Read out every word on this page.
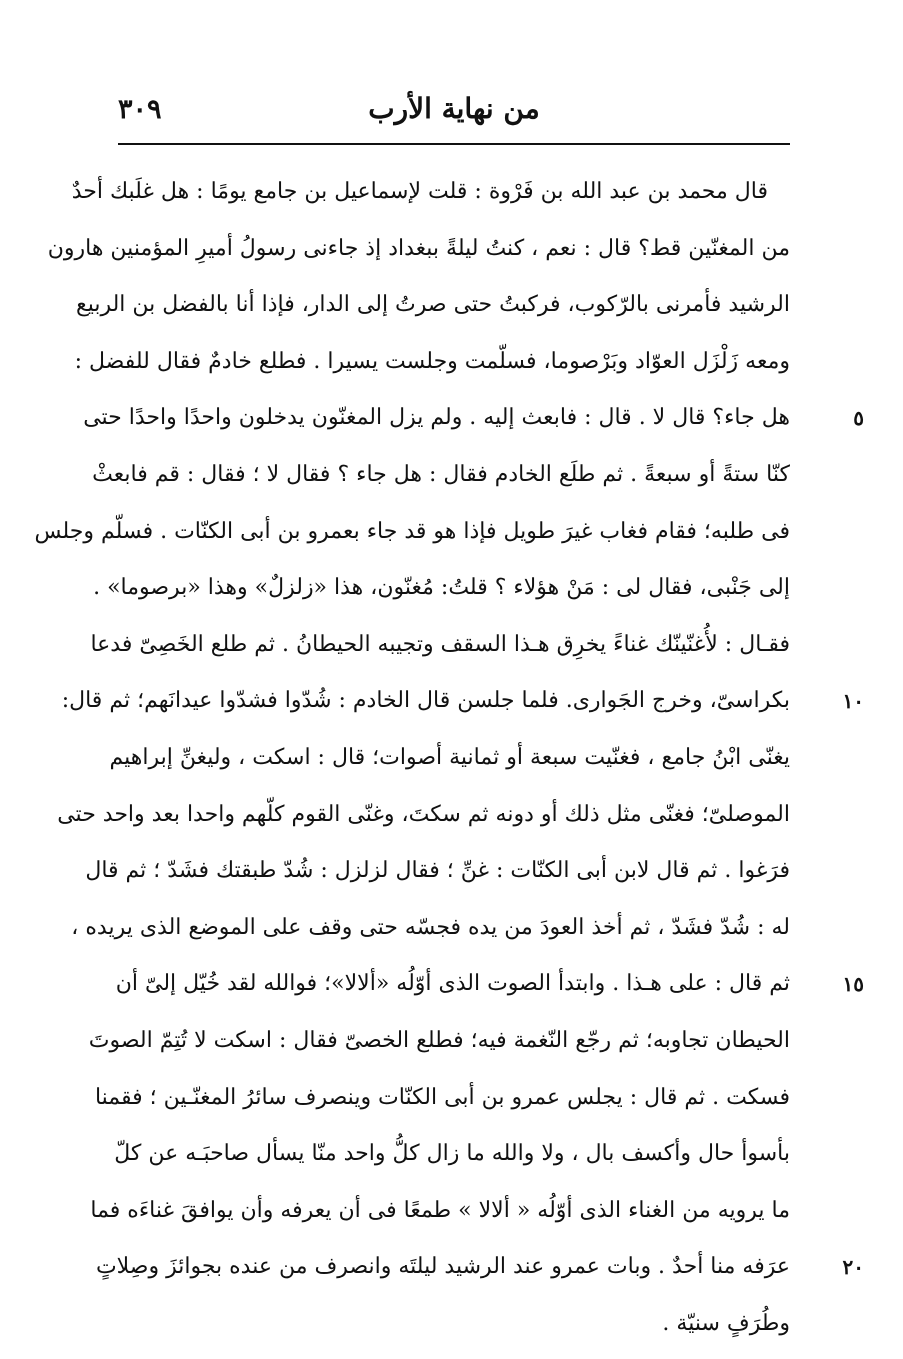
٣٠٩	من نهاية الأرب
قال محمد بن عبد الله بن فَرْوة : قلت لإسماعيل بن جامع يومًا : هل غلَبك أحدٌ
من المغنّين قط؟ قال : نعم ، كنتُ ليلةً ببغداد إذ جاءنى رسولُ أميرِ المؤمنين هارون
الرشيد فأمرنى بالرّكوب، فركبتُ حتى صرتُ إلى الدار، فإذا أنا بالفضل بن الربيع
ومعه زَلْزَل العوّاد وبَرْصوما، فسلّمت وجلست يسيرا . فطلع خادمٌ فقال للفضل :
هل جاء؟ قال لا . قال : فابعث إليه . ولم يزل المغنّون يدخلون واحدًا واحدًا حتى
كنّا ستةً أو سبعةً . ثم طلَع الخادم فقال : هل جاء ؟ فقال لا ؛ فقال : قم فابعثْ
فى طلبه؛ فقام فغاب غيرَ طويل فإذا هو قد جاء بعمرو بن أبى الكنّات . فسلّم وجلس
إلى جَنْبى، فقال لى : مَنْ هؤلاء ؟ قلتُ: مُغنّون، هذا «زلزلٌ» وهذا «برصوما» .
فقـال : لأُغنّينّك غناءً يخرِق هـذا السقف وتجيبه الحيطانُ . ثم طلع الخَصِىّ فدعا
بكراسىّ، وخرج الجَوارى. فلما جلسن قال الخادم : شُدّوا فشدّوا عيدانَهم؛ ثم قال:
يغنّى ابْنُ جامع ، فغنّيت سبعة أو ثمانية أصوات؛ قال : اسكت ، وليغنِّ إبراهيم
الموصلىّ؛ فغنّى مثل ذلك أو دونه ثم سكتَ، وغنّى القوم كلّهم واحدا بعد واحد حتى
فرَغوا . ثم قال لابن أبى الكنّات : غنِّ ؛ فقال لزلزل : شُدّ طبقتك فشَدّ ؛ ثم قال
له : شُدّ فشَدّ ، ثم أخذ العودَ من يده فجسّه حتى وقف على الموضع الذى يريده ،
ثم قال : على هـذا . وابتدأ الصوت الذى أوّلُه «ألالا»؛ فوالله لقد خُيّل إلىّ أن
الحيطان تجاوبه؛ ثم رجّع النّغمة فيه؛ فطلع الخصىّ فقال : اسكت لا تُتِمّ الصوتَ
فسكت . ثم قال : يجلس عمرو بن أبى الكنّات وينصرف سائرُ المغنّـين ؛ فقمنا
بأسوأ حال وأكسف بال ، ولا والله ما زال كلُّ واحد منّا يسأل صاحبَـه عن كلّ
ما يرويه من الغناء الذى أوّلُه « ألالا » طمعًا فى أن يعرفه وأن يوافقَ غناءَه فما
عرَفه منا أحدٌ . وبات عمرو عند الرشيد ليلتَه وانصرف من عنده بجوائزَ وصِلاتٍ
وطُرَفٍ سنيّة .
٥
١٠
١٥
٢٠
